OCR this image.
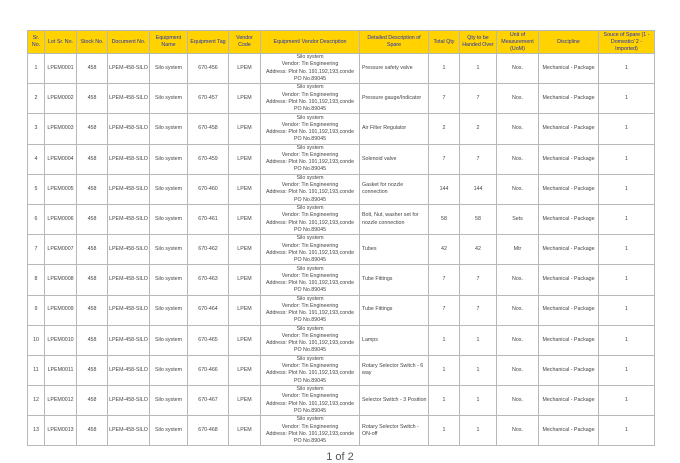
Sr. No.	Lot Sr. No.	Stock No.	Document No.	Equipment Name	Equipment Tag	Vendor Code	Equipment/ Vendor Description	Detailed Description of Spare	Total Qty	Qty to be Handed Over	Unit of Measurement (UoM)	Discipline	Souce of Spare (1 - Domestic/ 2 - Imported)
1	LPEM0001	458	LPEM-458-SILO	Silo system	670-456	LPEM	Silo system
Vendor: Tin Engineering
Address: Plot No. 191,192,193,conde
PO No.89045	Pressure safety valve	1	1	Nos.	Mechanical - Package	1
2	LPEM0002	458	LPEM-458-SILO	Silo system	670-457	LPEM	Silo system
Vendor: Tin Engineering
Address: Plot No. 191,192,193,conde
PO No.89045	Pressure gauge/Indicator	7	7	Nos.	Mechanical - Package	1
3	LPEM0003	458	LPEM-458-SILO	Silo system	670-458	LPEM	Silo system
Vendor: Tin Engineering
Address: Plot No. 191,192,193,conde
PO No.89045	Air Filter Regulator	2	2	Nos.	Mechanical - Package	1
4	LPEM0004	458	LPEM-458-SILO	Silo system	670-459	LPEM	Silo system
Vendor: Tin Engineering
Address: Plot No. 191,192,193,conde
PO No.89045	Solenoid valve	7	7	Nos.	Mechanical - Package	1
5	LPEM0005	458	LPEM-458-SILO	Silo system	670-460	LPEM	Silo system
Vendor: Tin Engineering
Address: Plot No. 191,192,193,conde
PO No.89045	Gasket for nozzle connection	144	144	Nos.	Mechanical - Package	1
6	LPEM0006	458	LPEM-458-SILO	Silo system	670-461	LPEM	Silo system
Vendor: Tin Engineering
Address: Plot No. 191,192,193,conde
PO No.89045	Bolt, Nut, washer set for nozzle connection	58	58	Sets	Mechanical - Package	1
7	LPEM0007	458	LPEM-458-SILO	Silo system	670-462	LPEM	Silo system
Vendor: Tin Engineering
Address: Plot No. 191,192,193,conde
PO No.89045	Tubes	42	42	Mtr	Mechanical - Package	1
8	LPEM0008	458	LPEM-458-SILO	Silo system	670-463	LPEM	Silo system
Vendor: Tin Engineering
Address: Plot No. 191,192,193,conde
PO No.89045	Tube Fittings	7	7	Nos.	Mechanical - Package	1
9	LPEM0009	458	LPEM-458-SILO	Silo system	670-464	LPEM	Silo system
Vendor: Tin Engineering
Address: Plot No. 191,192,193,conde
PO No.89045	Tube Fittings	7	7	Nos.	Mechanical - Package	1
10	LPEM0010	458	LPEM-458-SILO	Silo system	670-465	LPEM	Silo system
Vendor: Tin Engineering
Address: Plot No. 191,192,193,conde
PO No.89045	Lamps	1	1	Nos.	Mechanical - Package	1
11	LPEM0011	458	LPEM-458-SILO	Silo system	670-466	LPEM	Silo system
Vendor: Tin Engineering
Address: Plot No. 191,192,193,conde
PO No.89045	Rotary Selector Switch - 6 way	1	1	Nos.	Mechanical - Package	1
12	LPEM0012	458	LPEM-458-SILO	Silo system	670-467	LPEM	Silo system
Vendor: Tin Engineering
Address: Plot No. 191,192,193,conde
PO No.89045	Selector Switch - 3 Position	1	1	Nos.	Mechanical - Package	1
13	LPEM0013	458	LPEM-458-SILO	Silo system	670-468	LPEM	Silo system
Vendor: Tin Engineering
Address: Plot No. 191,192,193,conde
PO No.89045	Rotary Selector Switch - ON-off	1	1	Nos.	Mechanical - Package	1
1 of 2
